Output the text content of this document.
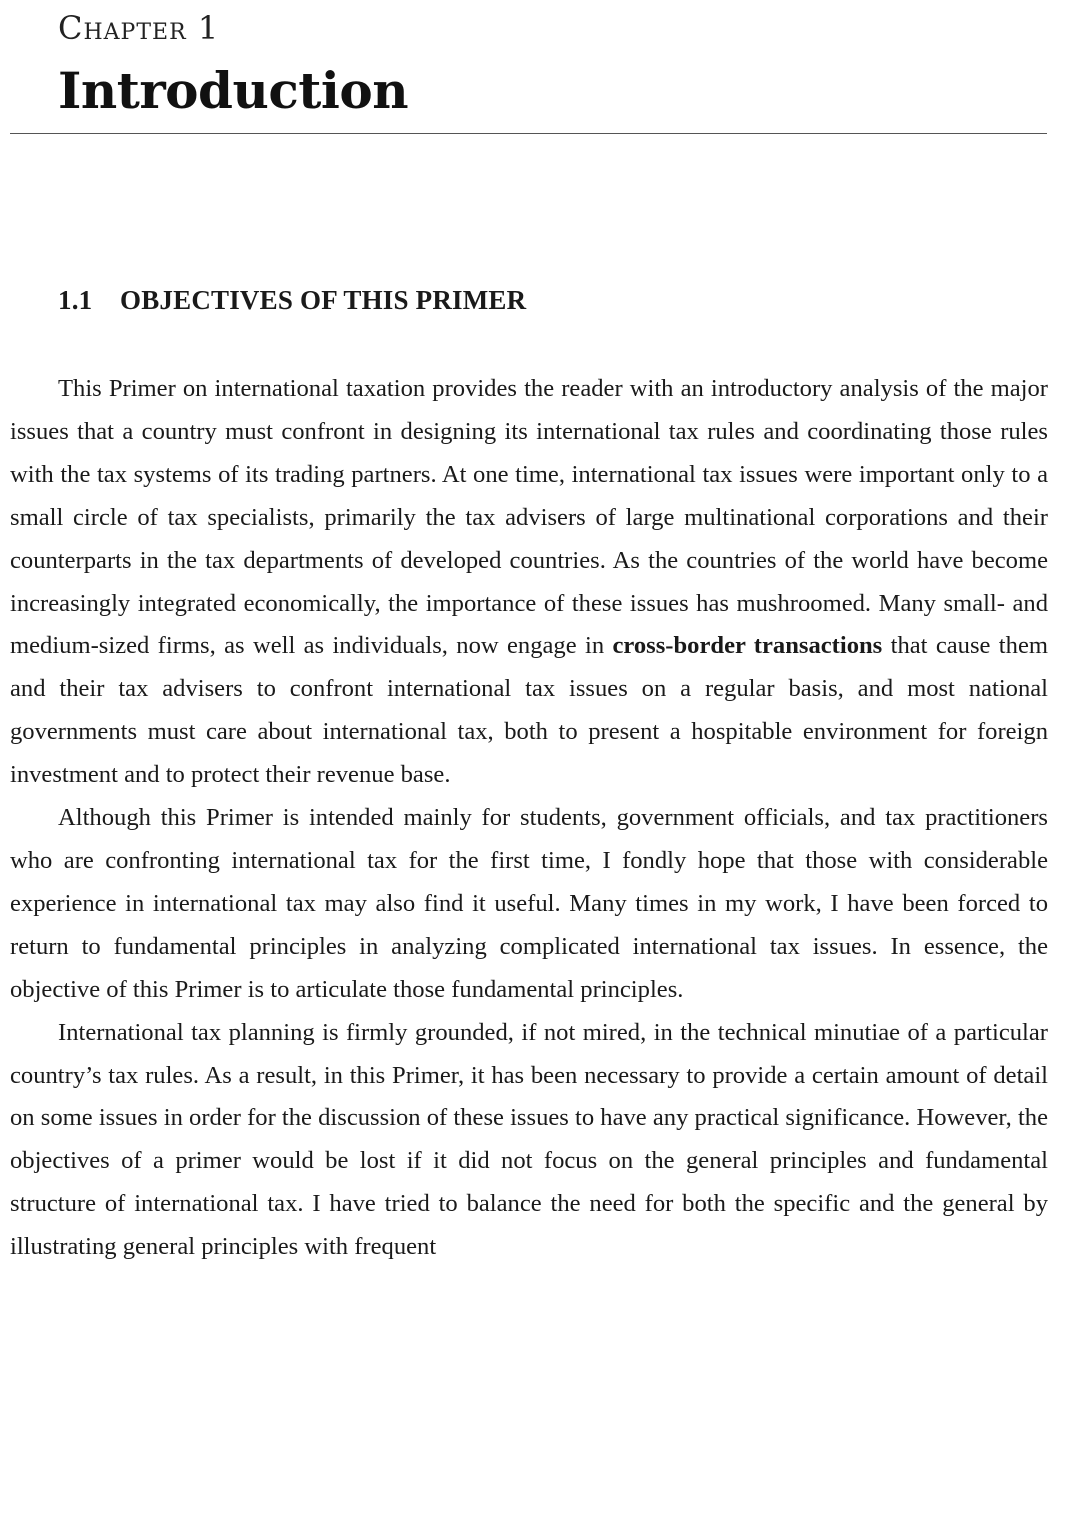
Chapter 1
Introduction
1.1 OBJECTIVES OF THIS PRIMER

This Primer on international taxation provides the reader with an introductory analysis of the major issues that a country must confront in designing its international tax rules and coordinating those rules with the tax systems of its trading partners. At one time, international tax issues were important only to a small circle of tax specialists, primarily the tax advisers of large multinational corporations and their counterparts in the tax departments of developed countries. As the countries of the world have become increasingly integrated economically, the importance of these issues has mushroomed. Many small- and medium-sized firms, as well as individuals, now engage in cross-border transactions that cause them and their tax advisers to confront international tax issues on a regular basis, and most national governments must care about international tax, both to present a hospitable environment for foreign investment and to protect their revenue base.

Although this Primer is intended mainly for students, government officials, and tax practitioners who are confronting international tax for the first time, I fondly hope that those with considerable experience in international tax may also find it useful. Many times in my work, I have been forced to return to fundamental principles in analyzing complicated international tax issues. In essence, the objective of this Primer is to articulate those fundamental principles.

International tax planning is firmly grounded, if not mired, in the technical minutiae of a particular country’s tax rules. As a result, in this Primer, it has been necessary to provide a certain amount of detail on some issues in order for the discussion of these issues to have any practical significance. However, the objectives of a primer would be lost if it did not focus on the general principles and fundamental structure of international tax. I have tried to balance the need for both the specific and the general by illustrating general principles with frequent
